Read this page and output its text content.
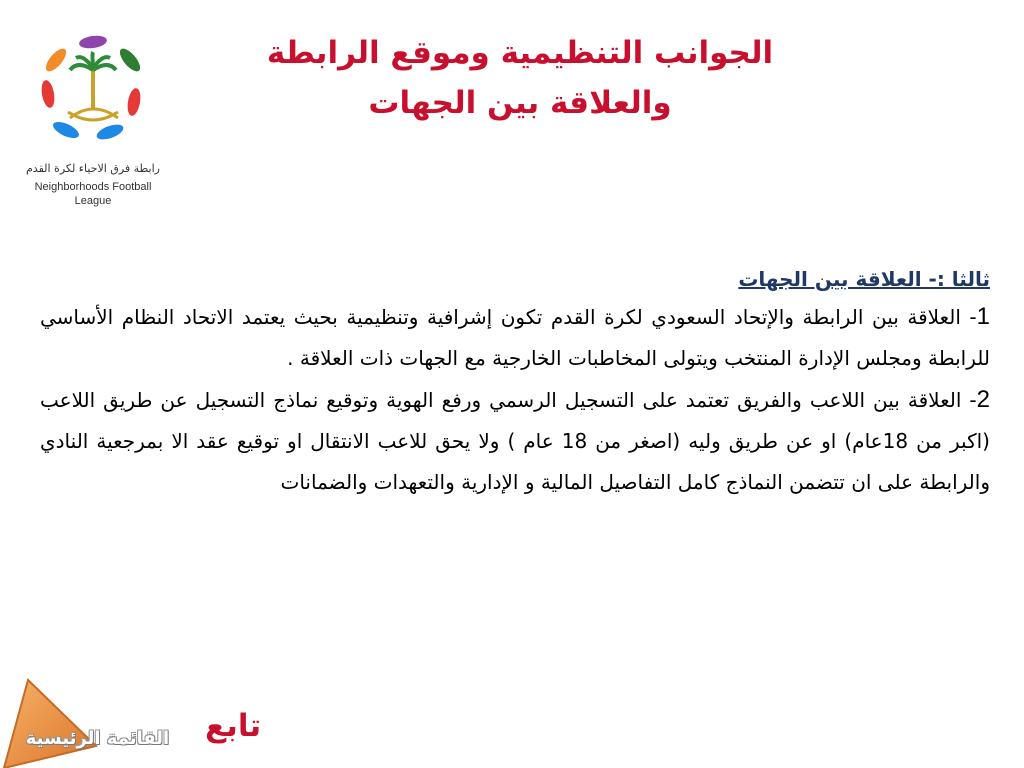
الجوانب التنظيمية وموقع الرابطة
والعلاقة بين الجهات
رابطة فرق الاحياء لكرة القدم
Neighborhoods Football
League
ثالثا :- العلاقة بين الجهات

1- العلاقة بين الرابطة والإتحاد السعودي لكرة القدم تكون إشرافية وتنظيمية بحيث يعتمد الاتحاد النظام الأساسي للرابطة ومجلس الإدارة المنتخب ويتولى المخاطبات الخارجية مع الجهات ذات العلاقة .

2- العلاقة بين اللاعب والفريق تعتمد على التسجيل الرسمي ورفع الهوية وتوقيع نماذج التسجيل عن طريق اللاعب (اكبر من 18عام) او عن طريق وليه (اصغر من 18 عام ) ولا يحق للاعب الانتقال او توقيع عقد الا بمرجعية النادي والرابطة على ان تتضمن النماذج كامل التفاصيل المالية و الإدارية والتعهدات والضمانات

تابع
القائمة الرئيسية
